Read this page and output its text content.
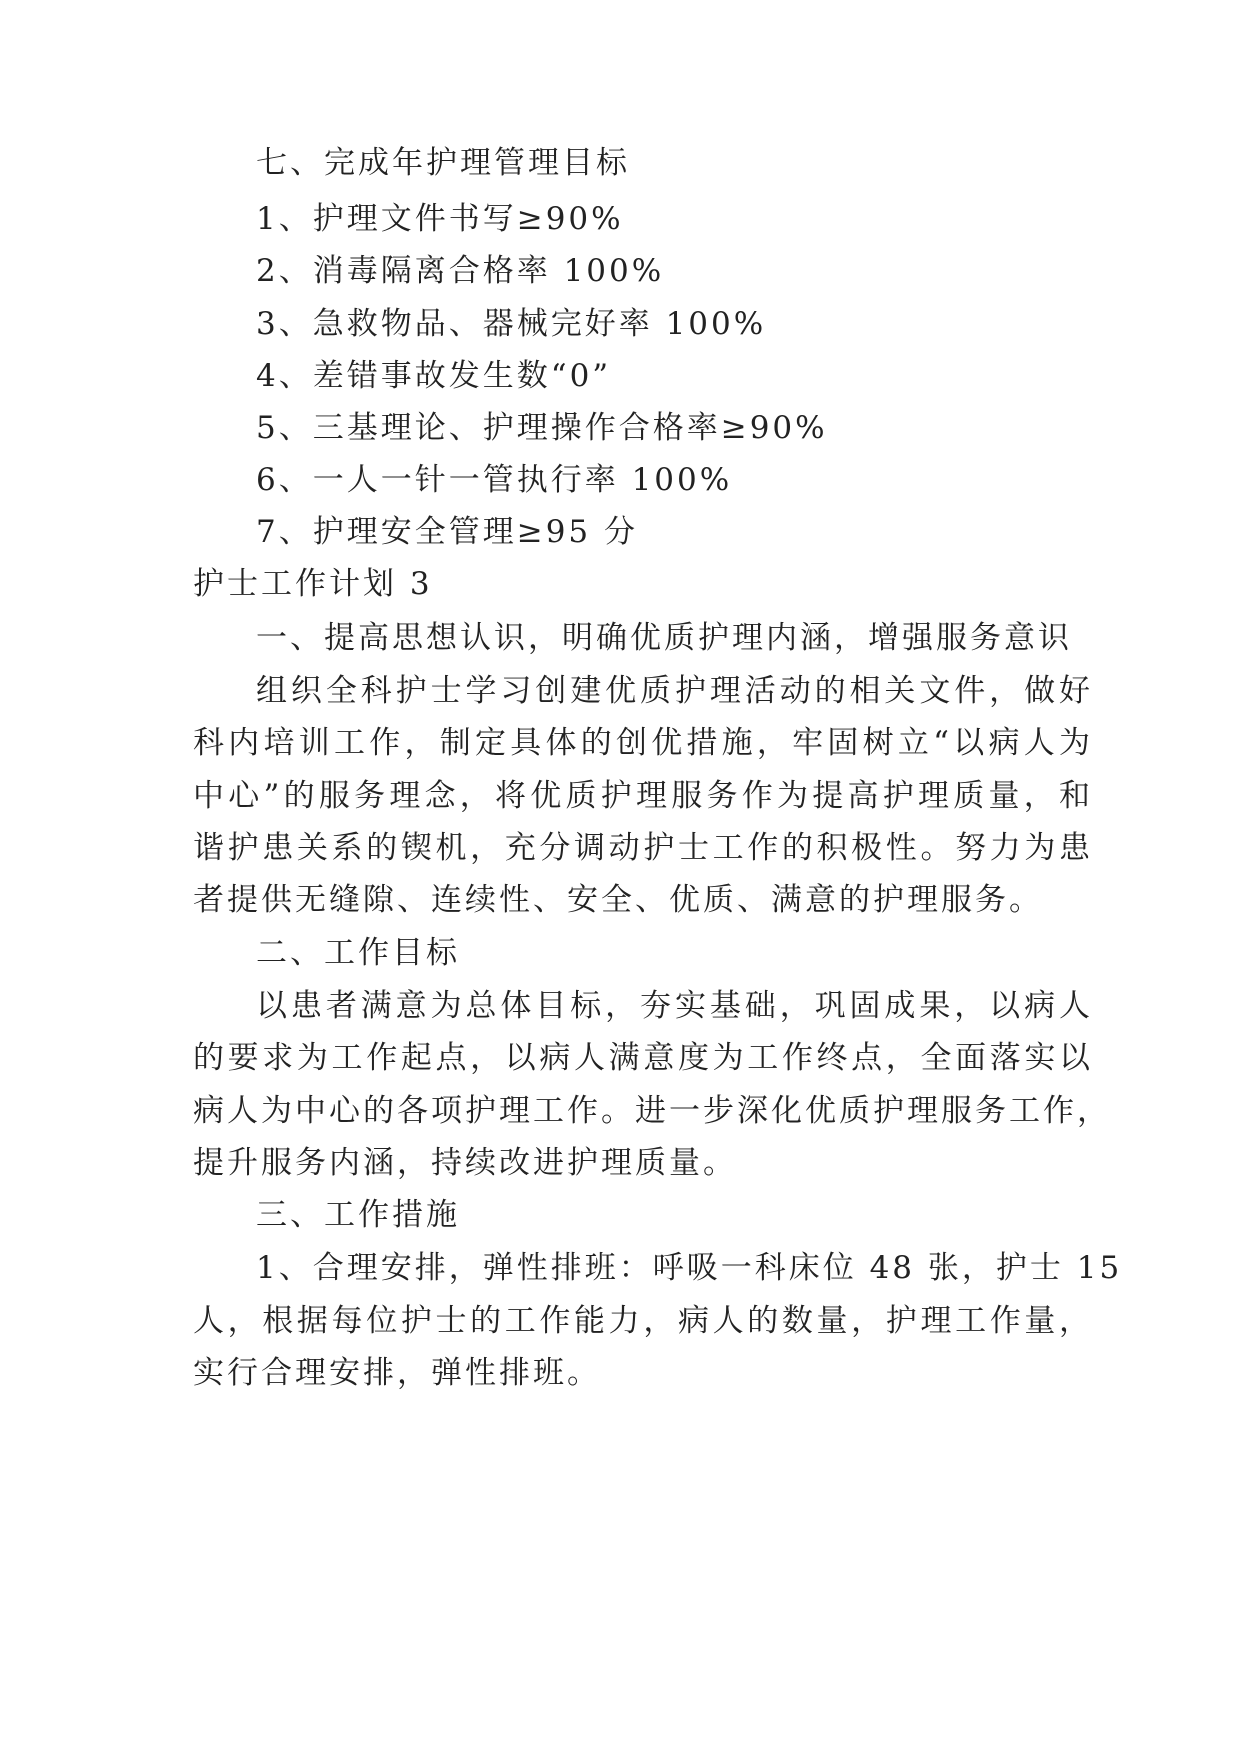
七、完成年护理管理目标
1、护理文件书写≥90%
2、消毒隔离合格率 100%
3、急救物品、器械完好率 100%
4、差错事故发生数“0”
5、三基理论、护理操作合格率≥90%
6、一人一针一管执行率 100%
7、护理安全管理≥95 分
护士工作计划 3
一、提高思想认识，明确优质护理内涵，增强服务意识
组织全科护士学习创建优质护理活动的相关文件，做好
科内培训工作，制定具体的创优措施，牢固树立“以病人为
中心”的服务理念，将优质护理服务作为提高护理质量，和
谐护患关系的锲机，充分调动护士工作的积极性。努力为患
者提供无缝隙、连续性、安全、优质、满意的护理服务。
二、工作目标
以患者满意为总体目标，夯实基础，巩固成果，以病人
的要求为工作起点，以病人满意度为工作终点，全面落实以
病人为中心的各项护理工作。进一步深化优质护理服务工作，
提升服务内涵，持续改进护理质量。
三、工作措施
1、合理安排，弹性排班：呼吸一科床位 48 张，护士 15
人，根据每位护士的工作能力，病人的数量，护理工作量，
实行合理安排，弹性排班。
